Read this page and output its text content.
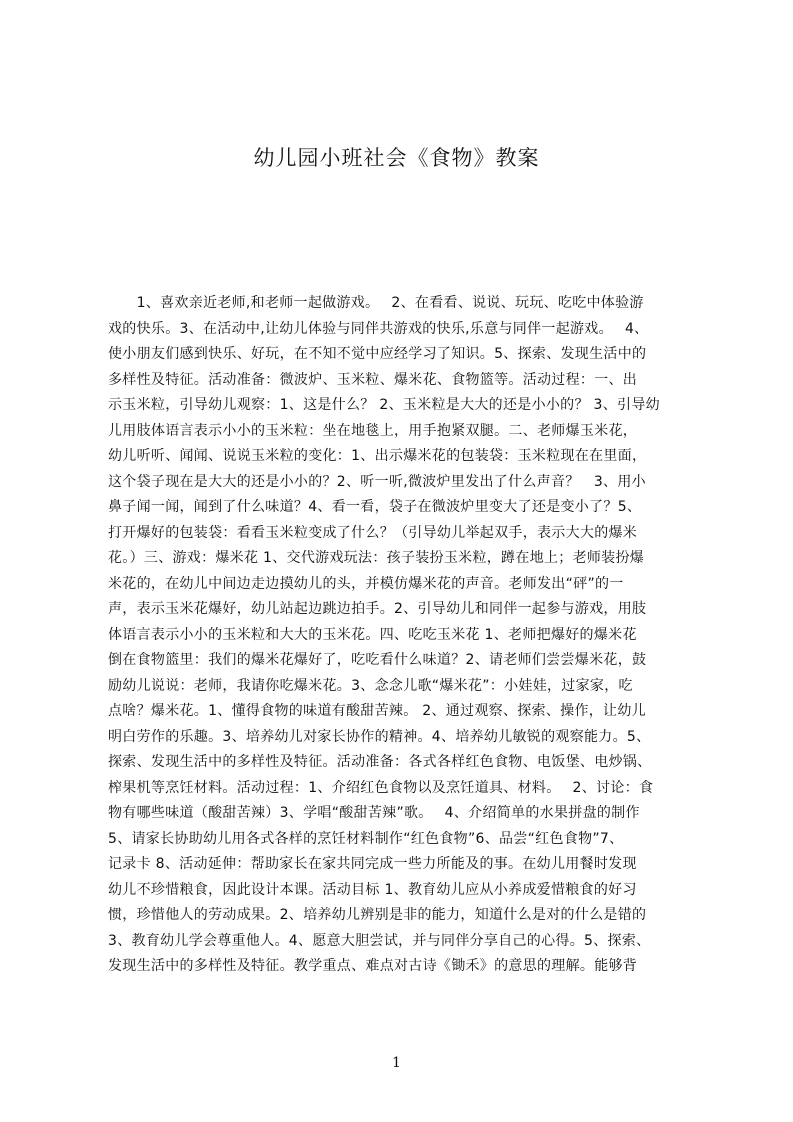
幼儿园小班社会《食物》教案
　　1、喜欢亲近老师,和老师一起做游戏。　 2、在看看、说说、玩玩、吃吃中体验游
戏的快乐。3、在活动中,让幼儿体验与同伴共游戏的快乐,乐意与同伴一起游戏。　 4、
使小朋友们感到快乐、好玩，在不知不觉中应经学习了知识。5、探索、发现生活中的
多样性及特征。活动准备：微波炉、玉米粒、爆米花、食物篮等。活动过程：一、出
示玉米粒，引导幼儿观察：1、这是什么？ 2、玉米粒是大大的还是小小的？ 3、引导幼
儿用肢体语言表示小小的玉米粒：坐在地毯上，用手抱紧双腿。二、老师爆玉米花，
幼儿听听、闻闻、说说玉米粒的变化：1、出示爆米花的包装袋：玉米粒现在在里面，
这个袋子现在是大大的还是小小的？2、听一听,微波炉里发出了什么声音？　3、用小
鼻子闻一闻，闻到了什么味道？4、看一看，袋子在微波炉里变大了还是变小了？5、
打开爆好的包装袋：看看玉米粒变成了什么？（引导幼儿举起双手，表示大大的爆米
花。）三、游戏：爆米花 1、交代游戏玩法：孩子装扮玉米粒，蹲在地上；老师装扮爆
米花的，在幼儿中间边走边摸幼儿的头，并模仿爆米花的声音。老师发出“砰”的一
声，表示玉米花爆好，幼儿站起边跳边拍手。2、引导幼儿和同伴一起参与游戏，用肢
体语言表示小小的玉米粒和大大的玉米花。四、吃吃玉米花 1、老师把爆好的爆米花
倒在食物篮里：我们的爆米花爆好了，吃吃看什么味道？2、请老师们尝尝爆米花，鼓
励幼儿说说：老师，我请你吃爆米花。3、念念儿歌“爆米花”：小娃娃，过家家，吃
点啥？爆米花。1、懂得食物的味道有酸甜苦辣。 2、通过观察、探索、操作，让幼儿
明白劳作的乐趣。3、培养幼儿对家长协作的精神。4、培养幼儿敏锐的观察能力。5、
探索、发现生活中的多样性及特征。活动准备：各式各样红色食物、电饭堡、电炒锅、
榨果机等烹饪材料。活动过程：1、介绍红色食物以及烹饪道具、材料。　 2、讨论：食
物有哪些味道（酸甜苦辣）3、学唱“酸甜苦辣”歌。　 4、介绍简单的水果拼盘的制作
5、请家长协助幼儿用各式各样的烹饪材料制作“红色食物”6、品尝“红色食物”7、
记录卡 8、活动延伸：帮助家长在家共同完成一些力所能及的事。在幼儿用餐时发现
幼儿不珍惜粮食，因此设计本课。活动目标 1、教育幼儿应从小养成爱惜粮食的好习
惯，珍惜他人的劳动成果。2、培养幼儿辨别是非的能力，知道什么是对的什么是错的
3、教育幼儿学会尊重他人。4、愿意大胆尝试，并与同伴分享自己的心得。5、探索、
发现生活中的多样性及特征。教学重点、难点对古诗《锄禾》的意思的理解。能够背
1
